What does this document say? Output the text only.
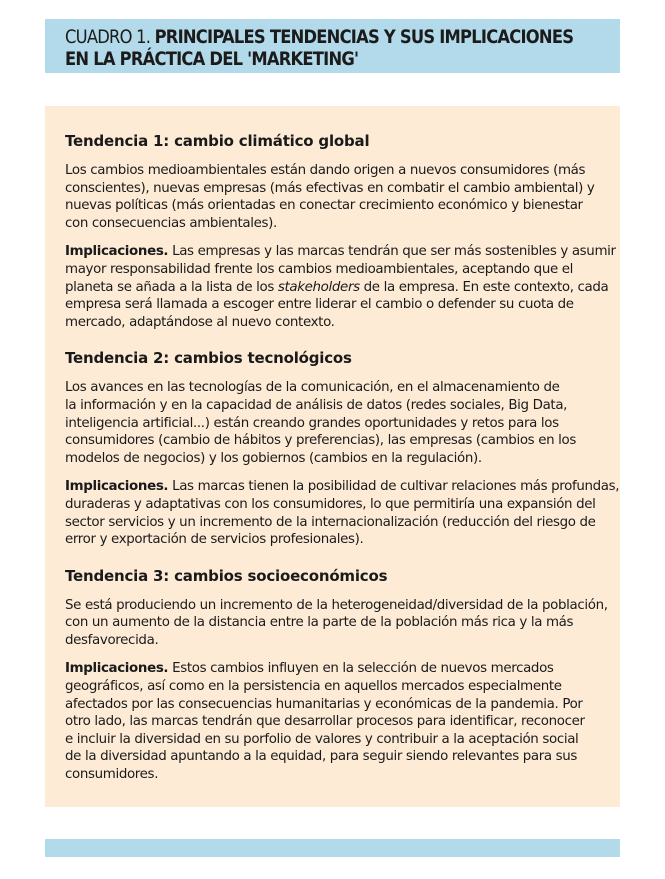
CUADRO 1. PRINCIPALES TENDENCIAS Y SUS IMPLICACIONES
EN LA PRÁCTICA DEL 'MARKETING'
Tendencia 1: cambio climático global

Los cambios medioambientales están dando origen a nuevos consumidores (más
conscientes), nuevas empresas (más efectivas en combatir el cambio ambiental) y
nuevas políticas (más orientadas en conectar crecimiento económico y bienestar
con consecuencias ambientales).

Implicaciones. Las empresas y las marcas tendrán que ser más sostenibles y asumir
mayor responsabilidad frente los cambios medioambientales, aceptando que el
planeta se añada a la lista de los stakeholders de la empresa. En este contexto, cada
empresa será llamada a escoger entre liderar el cambio o defender su cuota de
mercado, adaptándose al nuevo contexto.

Tendencia 2: cambios tecnológicos

Los avances en las tecnologías de la comunicación, en el almacenamiento de
la información y en la capacidad de análisis de datos (redes sociales, Big Data,
inteligencia artificial...) están creando grandes oportunidades y retos para los
consumidores (cambio de hábitos y preferencias), las empresas (cambios en los
modelos de negocios) y los gobiernos (cambios en la regulación).

Implicaciones. Las marcas tienen la posibilidad de cultivar relaciones más profundas,
duraderas y adaptativas con los consumidores, lo que permitiría una expansión del
sector servicios y un incremento de la internacionalización (reducción del riesgo de
error y exportación de servicios profesionales).

Tendencia 3: cambios socioeconómicos

Se está produciendo un incremento de la heterogeneidad/diversidad de la población,
con un aumento de la distancia entre la parte de la población más rica y la más
desfavorecida.

Implicaciones. Estos cambios influyen en la selección de nuevos mercados
geográficos, así como en la persistencia en aquellos mercados especialmente
afectados por las consecuencias humanitarias y económicas de la pandemia. Por
otro lado, las marcas tendrán que desarrollar procesos para identificar, reconocer
e incluir la diversidad en su porfolio de valores y contribuir a la aceptación social
de la diversidad apuntando a la equidad, para seguir siendo relevantes para sus
consumidores.
